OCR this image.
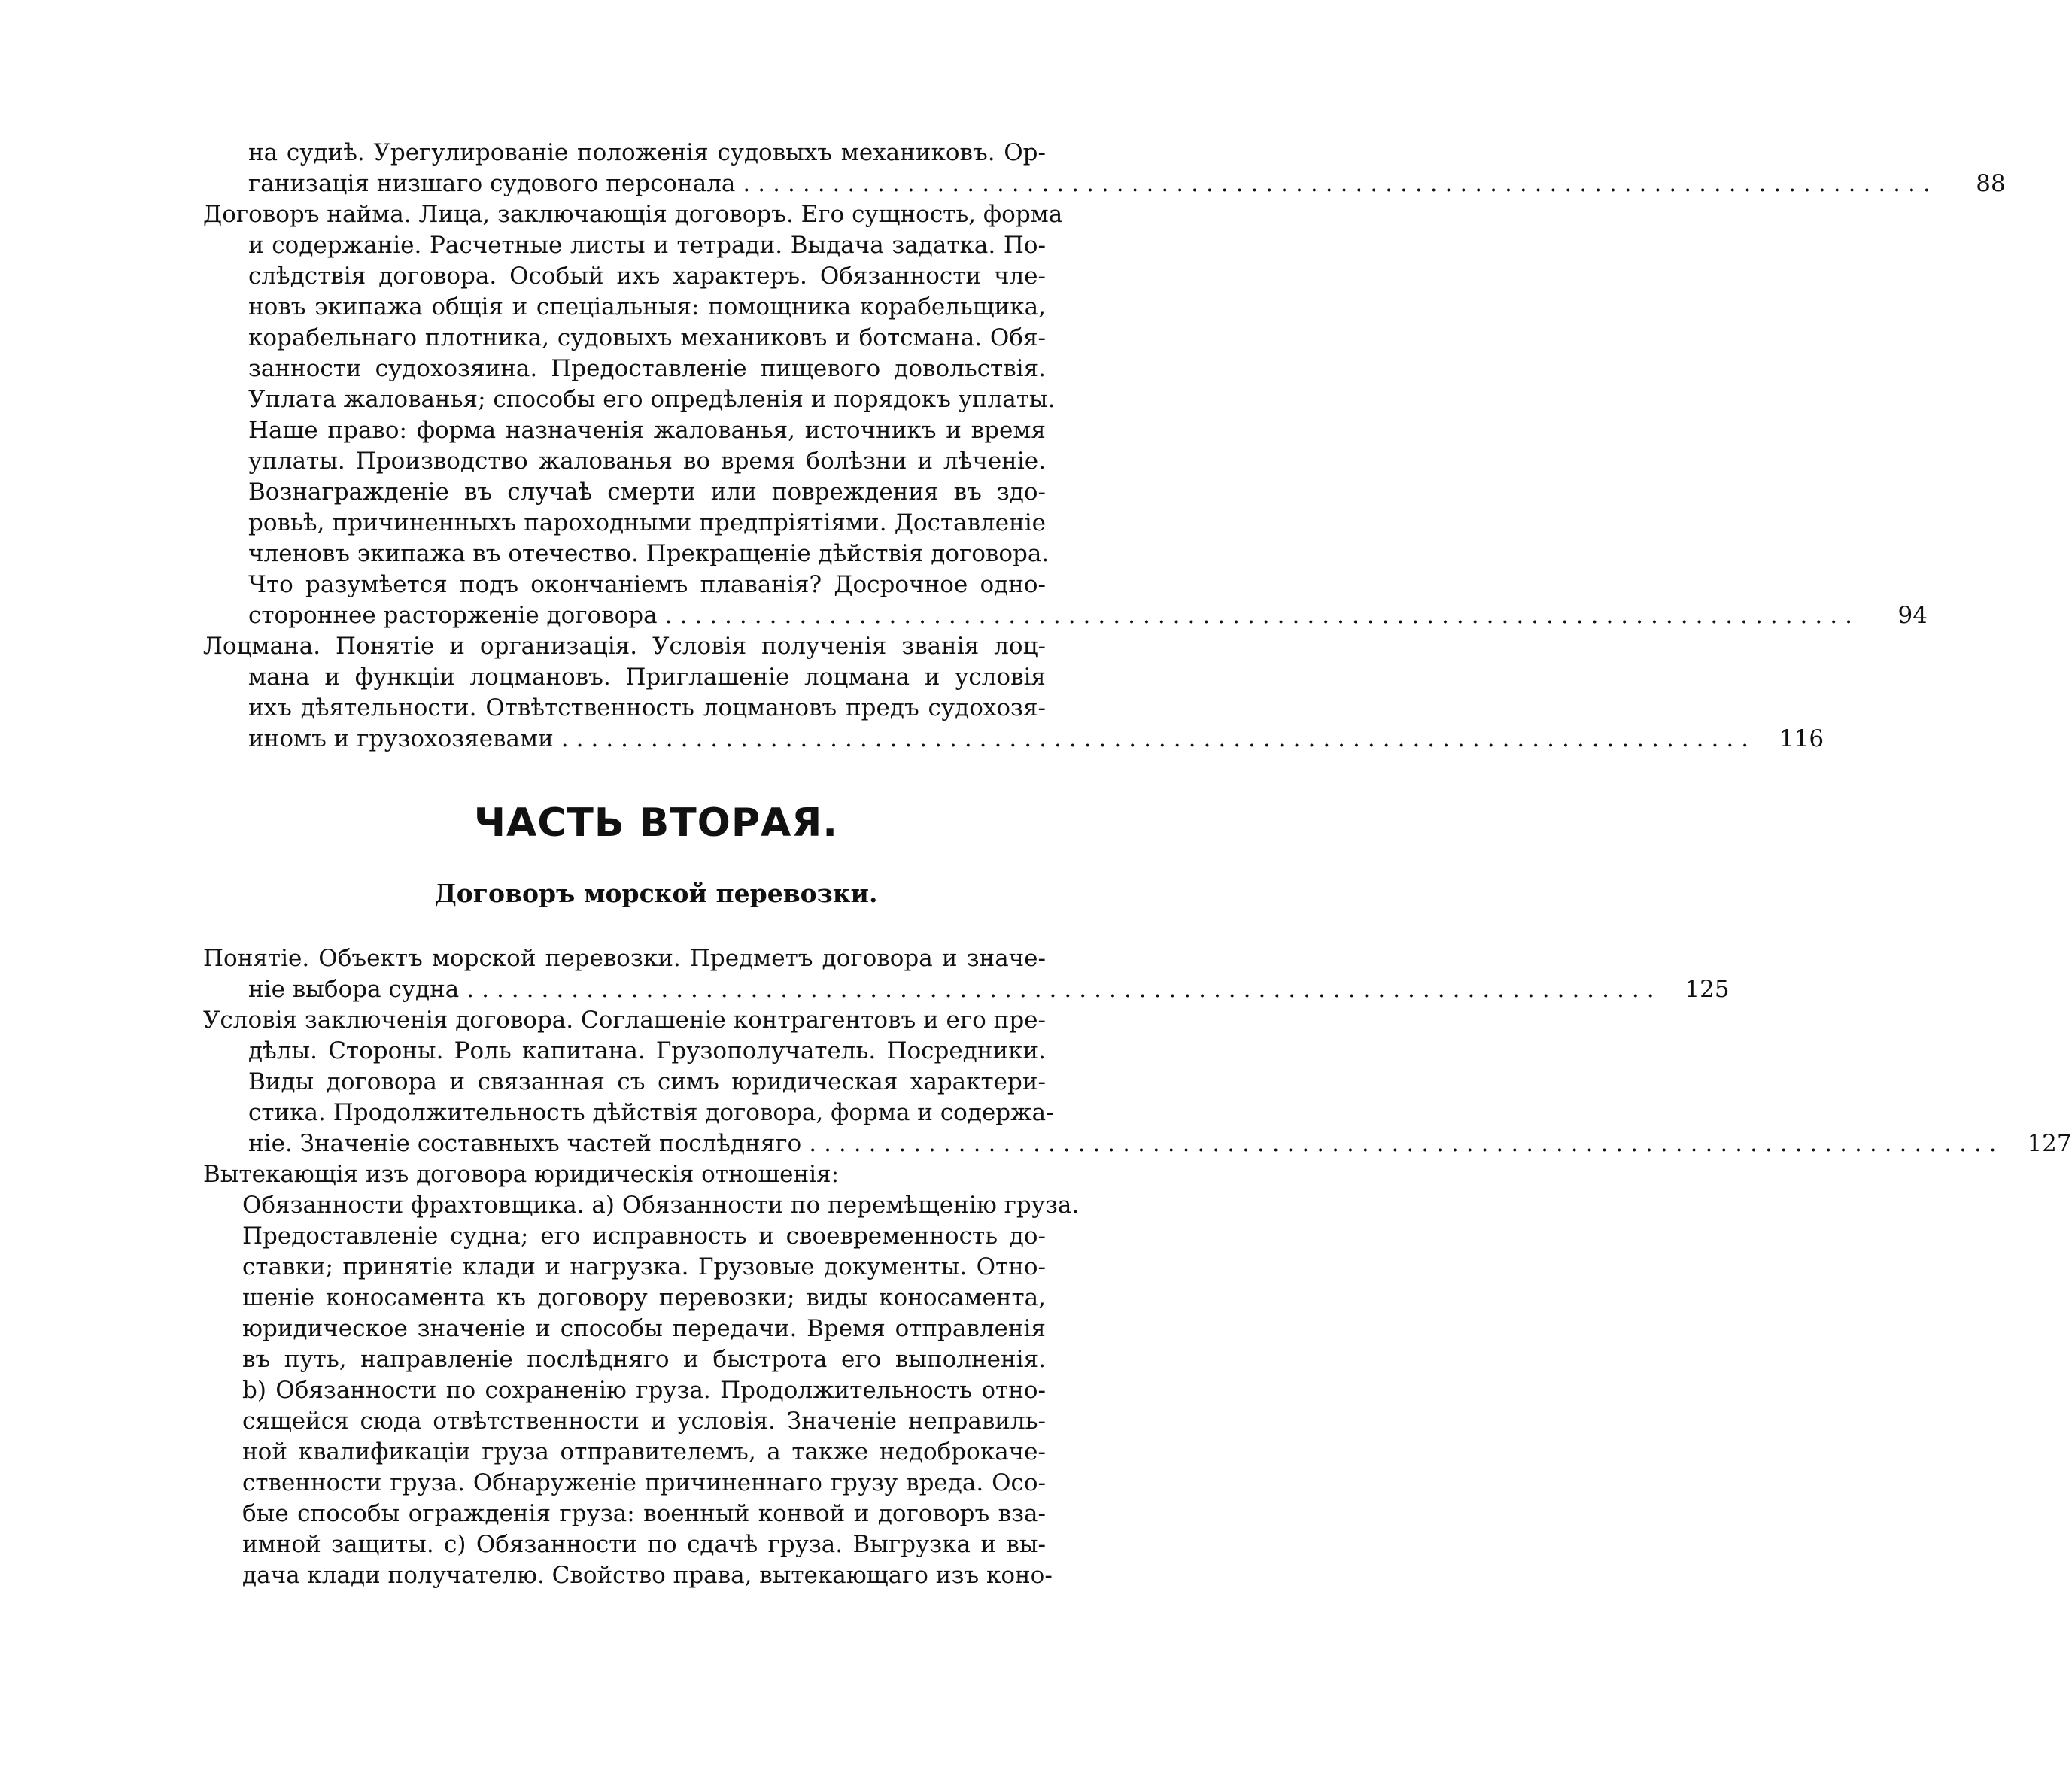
на судиѣ. Урегулированіе положенія судовыхъ механиковъ. Ор-
ганизація низшаго судового персонала ................................................................................	88
Договоръ найма. Лица, заключающія договоръ. Его сущность, форма
и содержаніе. Расчетные листы и тетради. Выдача задатка. По-
слѣдствія договора. Особый ихъ характеръ. Обязанности чле-
новъ экипажа общія и спеціальныя: помощника корабельщика,
корабельнаго плотника, судовыхъ механиковъ и ботсмана. Обя-
занности судохозяина. Предоставленіе пищевого довольствія.
Уплата жалованья; способы его опредѣленія и порядокъ уплаты.
Наше право: форма назначенія жалованья, источникъ и время
уплаты. Производство жалованья во время болѣзни и лѣченіе.
Вознагражденіе въ случаѣ смерти или повреждения въ здо-
ровьѣ, причиненныхъ пароходными предпріятіями. Доставленіе
членовъ экипажа въ отечество. Прекращеніе дѣйствія договора.
Что разумѣется подъ окончаніемъ плаванія? Досрочное одно-
стороннее расторженіе договора ................................................................................	94
Лоцмана. Понятіе и организація. Условія полученія званія лоц-
мана и функціи лоцмановъ. Приглашеніе лоцмана и условія
ихъ дѣятельности. Отвѣтственность лоцмановъ предъ судохозя-
иномъ и грузохозяевами ................................................................................ 116
ЧАСТЬ ВТОРАЯ.
Договоръ морской перевозки.
Понятіе. Объектъ морской перевозки. Предметъ договора и значе-
ніе выбора судна ................................................................................ 125
Условія заключенія договора. Соглашеніе контрагентовъ и его пре-
дѣлы. Стороны. Роль капитана. Грузополучатель. Посредники.
Виды договора и связанная съ симъ юридическая характери-
стика. Продолжительность дѣйствія договора, форма и содержа-
ніе. Значеніе составныхъ частей послѣдняго ................................................................................ 127
Вытекающія изъ договора юридическія отношенія:
Обязанности фрахтовщика. a) Обязанности по перемѣщенію груза.
Предоставленіе судна; его исправность и своевременность до-
ставки; принятіе клади и нагрузка. Грузовые документы. Отно-
шеніе коносамента къ договору перевозки; виды коносамента,
юридическое значеніе и способы передачи. Время отправленія
въ путь, направленіе послѣдняго и быстрота его выполненія.
b) Обязанности по сохраненію груза. Продолжительность отно-
сящейся сюда отвѣтственности и условія. Значеніе неправиль-
ной квалификаціи груза отправителемъ, а также недоброкаче-
ственности груза. Обнаруженіе причиненнаго грузу вреда. Осо-
бые способы огражденія груза: военный конвой и договоръ вза-
имной защиты. c) Обязанности по сдачѣ груза. Выгрузка и вы-
дача клади получателю. Свойство права, вытекающаго изъ коно-
